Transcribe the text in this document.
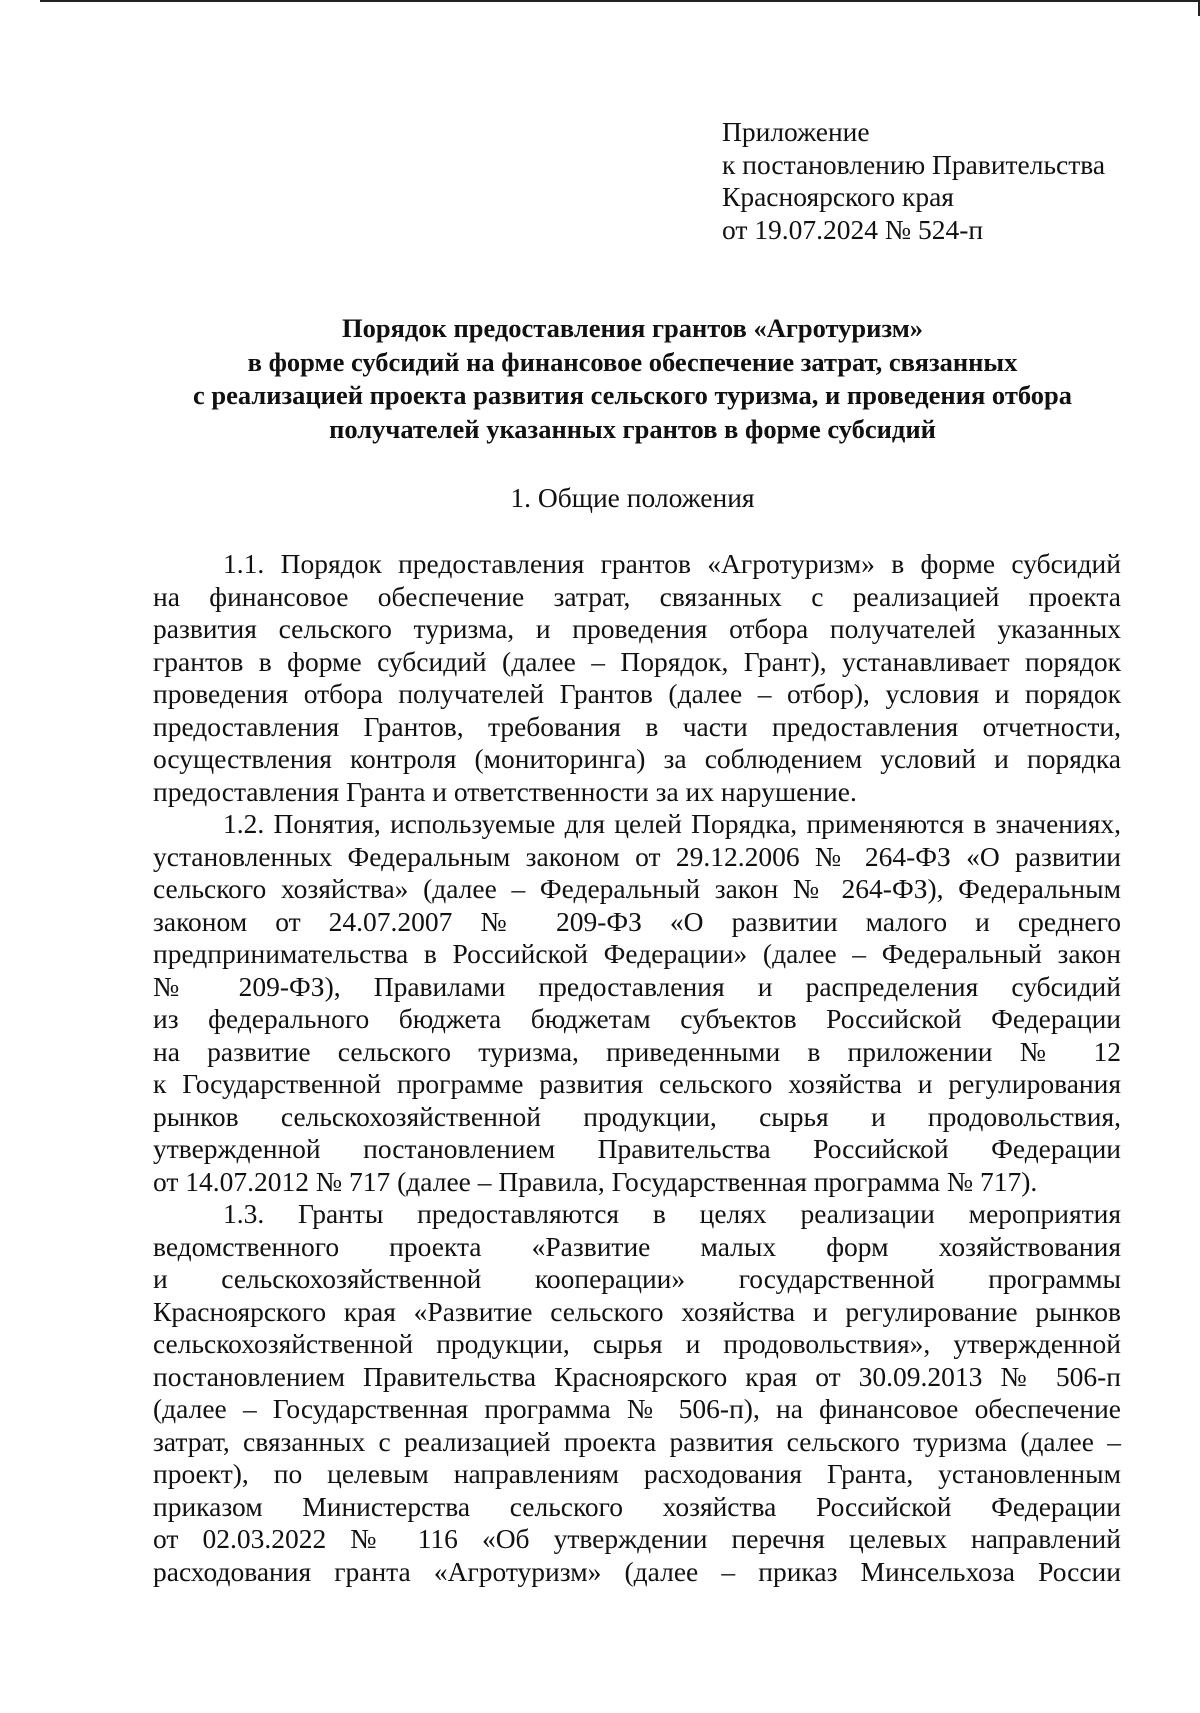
Приложение
к постановлению Правительства
Красноярского края
от 19.07.2024 № 524-п
Порядок предоставления грантов «Агротуризм»
в форме субсидий на финансовое обеспечение затрат, связанных
с реализацией проекта развития сельского туризма, и проведения отбора
получателей указанных грантов в форме субсидий
1. Общие положения
1.1. Порядок предоставления грантов «Агротуризм» в форме субсидий
на финансовое обеспечение затрат, связанных с реализацией проекта
развития сельского туризма, и проведения отбора получателей указанных
грантов в форме субсидий (далее – Порядок, Грант), устанавливает порядок
проведения отбора получателей Грантов (далее – отбор), условия и порядок
предоставления Грантов, требования в части предоставления отчетности,
осуществления контроля (мониторинга) за соблюдением условий и порядка
предоставления Гранта и ответственности за их нарушение.
1.2. Понятия, используемые для целей Порядка, применяются в значениях,
установленных Федеральным законом от 29.12.2006 № 264-ФЗ «О развитии
сельского хозяйства» (далее – Федеральный закон № 264-ФЗ), Федеральным
законом от 24.07.2007 № 209-ФЗ «О развитии малого и среднего
предпринимательства в Российской Федерации» (далее – Федеральный закон
№ 209-ФЗ), Правилами предоставления и распределения субсидий
из федерального бюджета бюджетам субъектов Российской Федерации
на развитие сельского туризма, приведенными в приложении № 12
к Государственной программе развития сельского хозяйства и регулирования
рынков сельскохозяйственной продукции, сырья и продовольствия,
утвержденной постановлением Правительства Российской Федерации
от 14.07.2012 № 717 (далее – Правила, Государственная программа № 717).
1.3. Гранты предоставляются в целях реализации мероприятия
ведомственного проекта «Развитие малых форм хозяйствования
и сельскохозяйственной кооперации» государственной программы
Красноярского края «Развитие сельского хозяйства и регулирование рынков
сельскохозяйственной продукции, сырья и продовольствия», утвержденной
постановлением Правительства Красноярского края от 30.09.2013 № 506-п
(далее – Государственная программа № 506-п), на финансовое обеспечение
затрат, связанных с реализацией проекта развития сельского туризма (далее –
проект), по целевым направлениям расходования Гранта, установленным
приказом Министерства сельского хозяйства Российской Федерации
от 02.03.2022 № 116 «Об утверждении перечня целевых направлений
расходования гранта «Агротуризм» (далее – приказ Минсельхоза России
